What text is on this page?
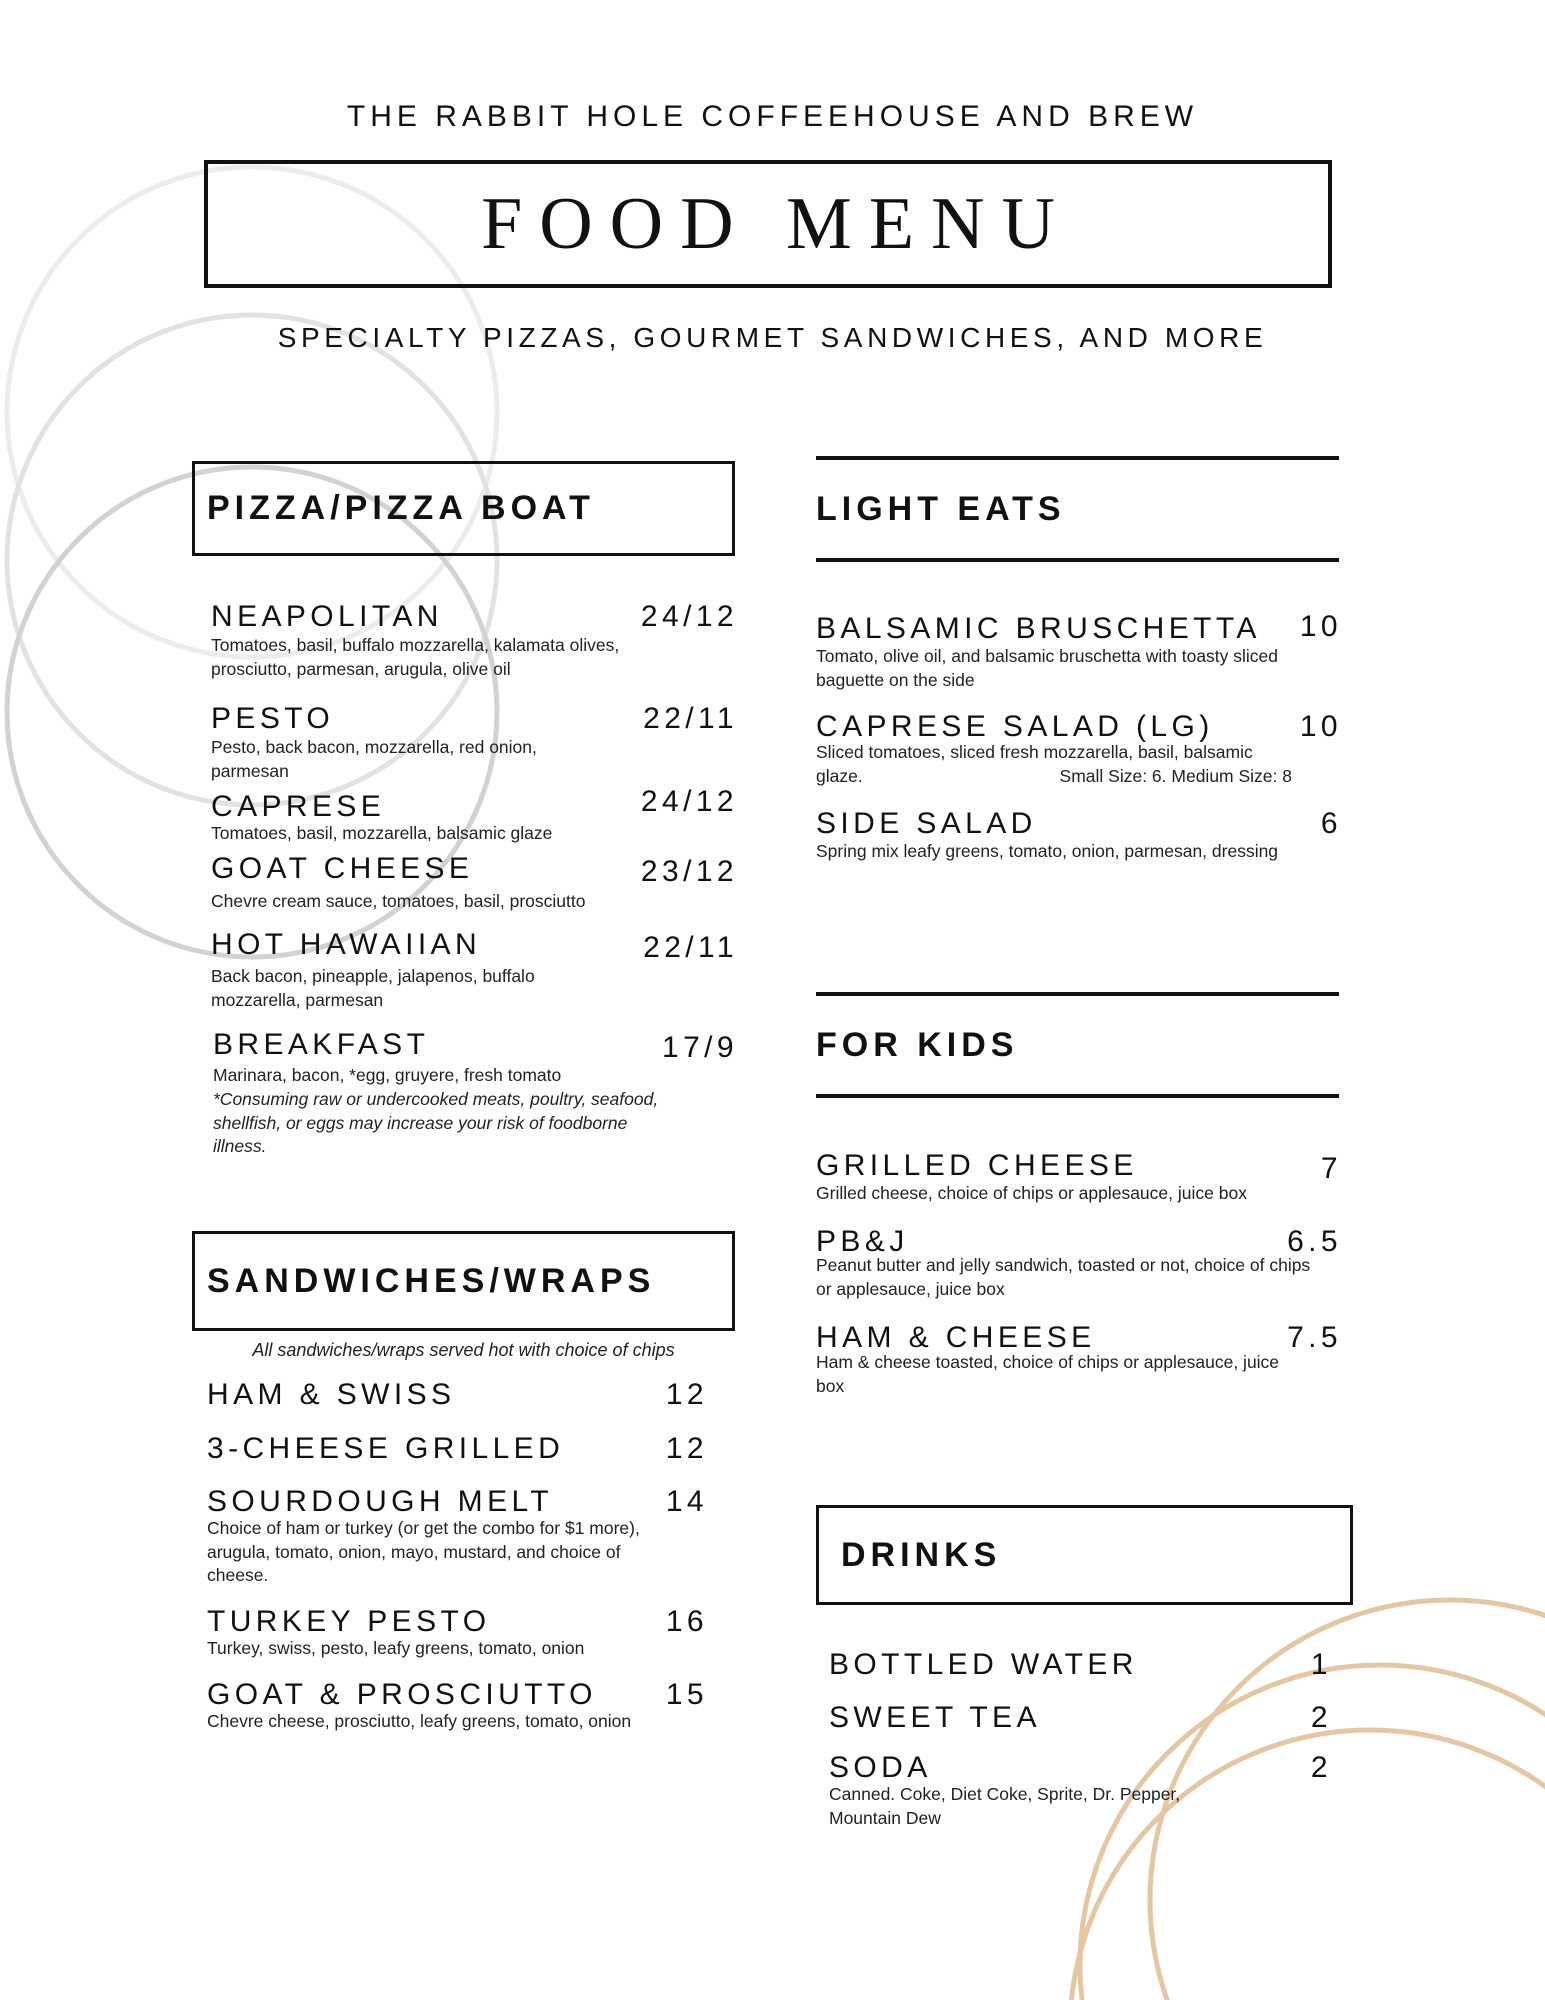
THE RABBIT HOLE COFFEEHOUSE AND BREW
FOOD MENU
SPECIALTY PIZZAS, GOURMET SANDWICHES, AND MORE
PIZZA/PIZZA BOAT
NEAPOLITAN	24/12
Tomatoes, basil, buffalo mozzarella, kalamata olives, prosciutto, parmesan, arugula, olive oil
PESTO	22/11
Pesto, back bacon, mozzarella, red onion, parmesan
CAPRESE	24/12
Tomatoes, basil, mozzarella, balsamic glaze
GOAT CHEESE	23/12
Chevre cream sauce, tomatoes, basil, prosciutto
HOT HAWAIIAN	22/11
Back bacon, pineapple, jalapenos, buffalo mozzarella, parmesan
BREAKFAST	17/9
Marinara, bacon, *egg, gruyere, fresh tomato
*Consuming raw or undercooked meats, poultry, seafood, shellfish, or eggs may increase your risk of foodborne illness.
SANDWICHES/WRAPS
All sandwiches/wraps served hot with choice of chips
HAM & SWISS	12
3-CHEESE GRILLED	12
SOURDOUGH MELT	14
Choice of ham or turkey (or get the combo for $1 more), arugula, tomato, onion, mayo, mustard, and choice of cheese.
TURKEY PESTO	16
Turkey, swiss, pesto, leafy greens, tomato, onion
GOAT & PROSCIUTTO	15
Chevre cheese, prosciutto, leafy greens, tomato, onion
LIGHT EATS
BALSAMIC BRUSCHETTA	10
Tomato, olive oil, and balsamic bruschetta with toasty sliced baguette on the side
CAPRESE SALAD (LG)	10
Sliced tomatoes, sliced fresh mozzarella, basil, balsamic
glaze.	Small Size: 6. Medium Size: 8
SIDE SALAD	6
Spring mix leafy greens, tomato, onion, parmesan, dressing
FOR KIDS
GRILLED CHEESE	7
Grilled cheese, choice of chips or applesauce, juice box
PB&J	6.5
Peanut butter and jelly sandwich, toasted or not, choice of chips or applesauce, juice box
HAM & CHEESE	7.5
Ham & cheese toasted, choice of chips or applesauce, juice box
DRINKS
BOTTLED WATER	1
SWEET TEA	2
SODA	2
Canned. Coke, Diet Coke, Sprite, Dr. Pepper, Mountain Dew
